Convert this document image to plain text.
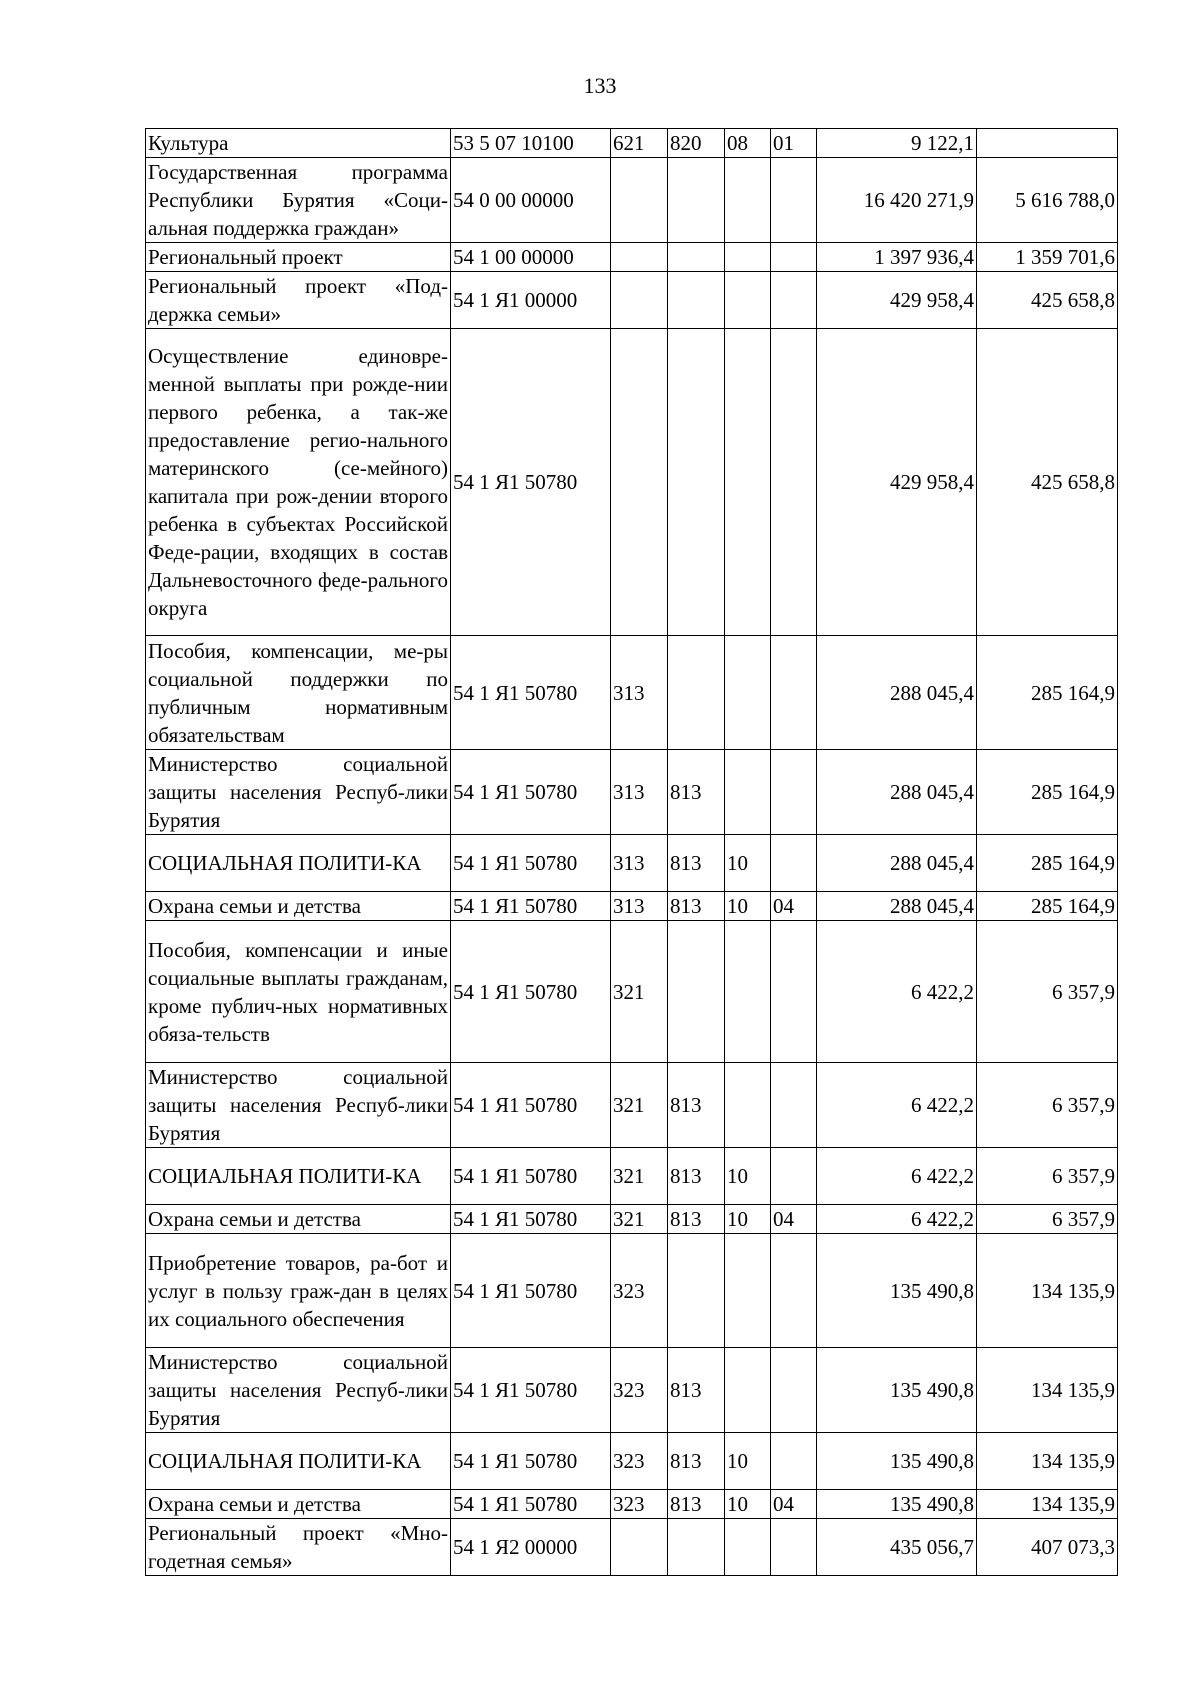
133
Культура	53 5 07 10100	621	820	08	01	9 122,1	
Государственная программа Республики Бурятия «Соци-альная поддержка граждан»	54 0 00 00000					16 420 271,9	5 616 788,0
Региональный проект	54 1 00 00000					1 397 936,4	1 359 701,6
Региональный проект «Под-держка семьи»	54 1 Я1 00000					429 958,4	425 658,8
Осуществление единовре-менной выплаты при рожде-нии первого ребенка, а так-же предоставление регио-нального материнского (се-мейного) капитала при рож-дении второго ребенка в субъектах Российской Феде-рации, входящих в состав Дальневосточного феде-рального округа	54 1 Я1 50780					429 958,4	425 658,8
Пособия, компенсации, ме-ры социальной поддержки по публичным нормативным обязательствам	54 1 Я1 50780	313				288 045,4	285 164,9
Министерство социальной защиты населения Респуб-лики Бурятия	54 1 Я1 50780	313	813			288 045,4	285 164,9
СОЦИАЛЬНАЯ ПОЛИТИ-КА	54 1 Я1 50780	313	813	10		288 045,4	285 164,9
Охрана семьи и детства	54 1 Я1 50780	313	813	10	04	288 045,4	285 164,9
Пособия, компенсации и иные социальные выплаты гражданам, кроме публич-ных нормативных обяза-тельств	54 1 Я1 50780	321				6 422,2	6 357,9
Министерство социальной защиты населения Респуб-лики Бурятия	54 1 Я1 50780	321	813			6 422,2	6 357,9
СОЦИАЛЬНАЯ ПОЛИТИ-КА	54 1 Я1 50780	321	813	10		6 422,2	6 357,9
Охрана семьи и детства	54 1 Я1 50780	321	813	10	04	6 422,2	6 357,9
Приобретение товаров, ра-бот и услуг в пользу граж-дан в целях их социального обеспечения	54 1 Я1 50780	323				135 490,8	134 135,9
Министерство социальной защиты населения Респуб-лики Бурятия	54 1 Я1 50780	323	813			135 490,8	134 135,9
СОЦИАЛЬНАЯ ПОЛИТИ-КА	54 1 Я1 50780	323	813	10		135 490,8	134 135,9
Охрана семьи и детства	54 1 Я1 50780	323	813	10	04	135 490,8	134 135,9
Региональный проект «Мно-годетная семья»	54 1 Я2 00000					435 056,7	407 073,3
